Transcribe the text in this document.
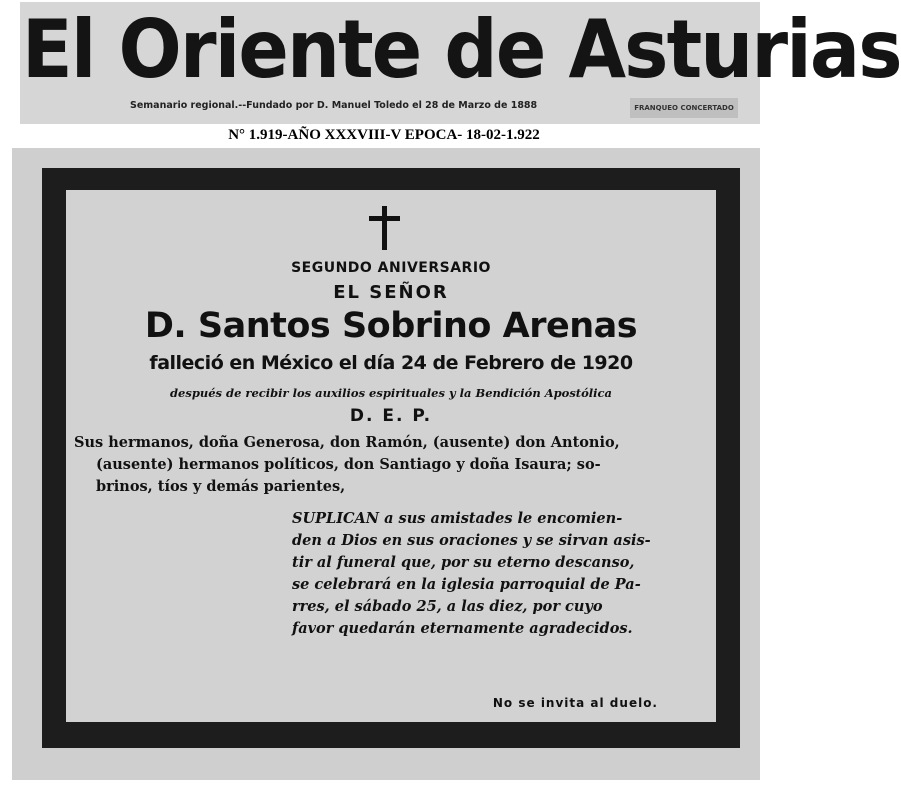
El Oriente de Asturias
Semanario regional.--Fundado por D. Manuel Toledo el 28 de Marzo de 1888	FRANQUEO CONCERTADO
N° 1.919-AÑO XXXVIII-V EPOCA- 18-02-1.922
SEGUNDO ANIVERSARIO
EL SEÑOR
D. Santos Sobrino Arenas
falleció en México el día 24 de Febrero de 1920
después de recibir los auxilios espirituales y la Bendición Apostólica
D. E. P.
Sus hermanos, doña Generosa, don Ramón, (ausente) don Antonio,
(ausente) hermanos políticos, don Santiago y doña Isaura; so-
brinos, tíos y demás parientes,
SUPLICAN a sus amistades le encomien-
den a Dios en sus oraciones y se sirvan asis-
tir al funeral que, por su eterno descanso,
se celebrará en la iglesia parroquial de Pa-
rres, el sábado 25, a las diez, por cuyo
favor quedarán eternamente agradecidos.
No se invita al duelo.
